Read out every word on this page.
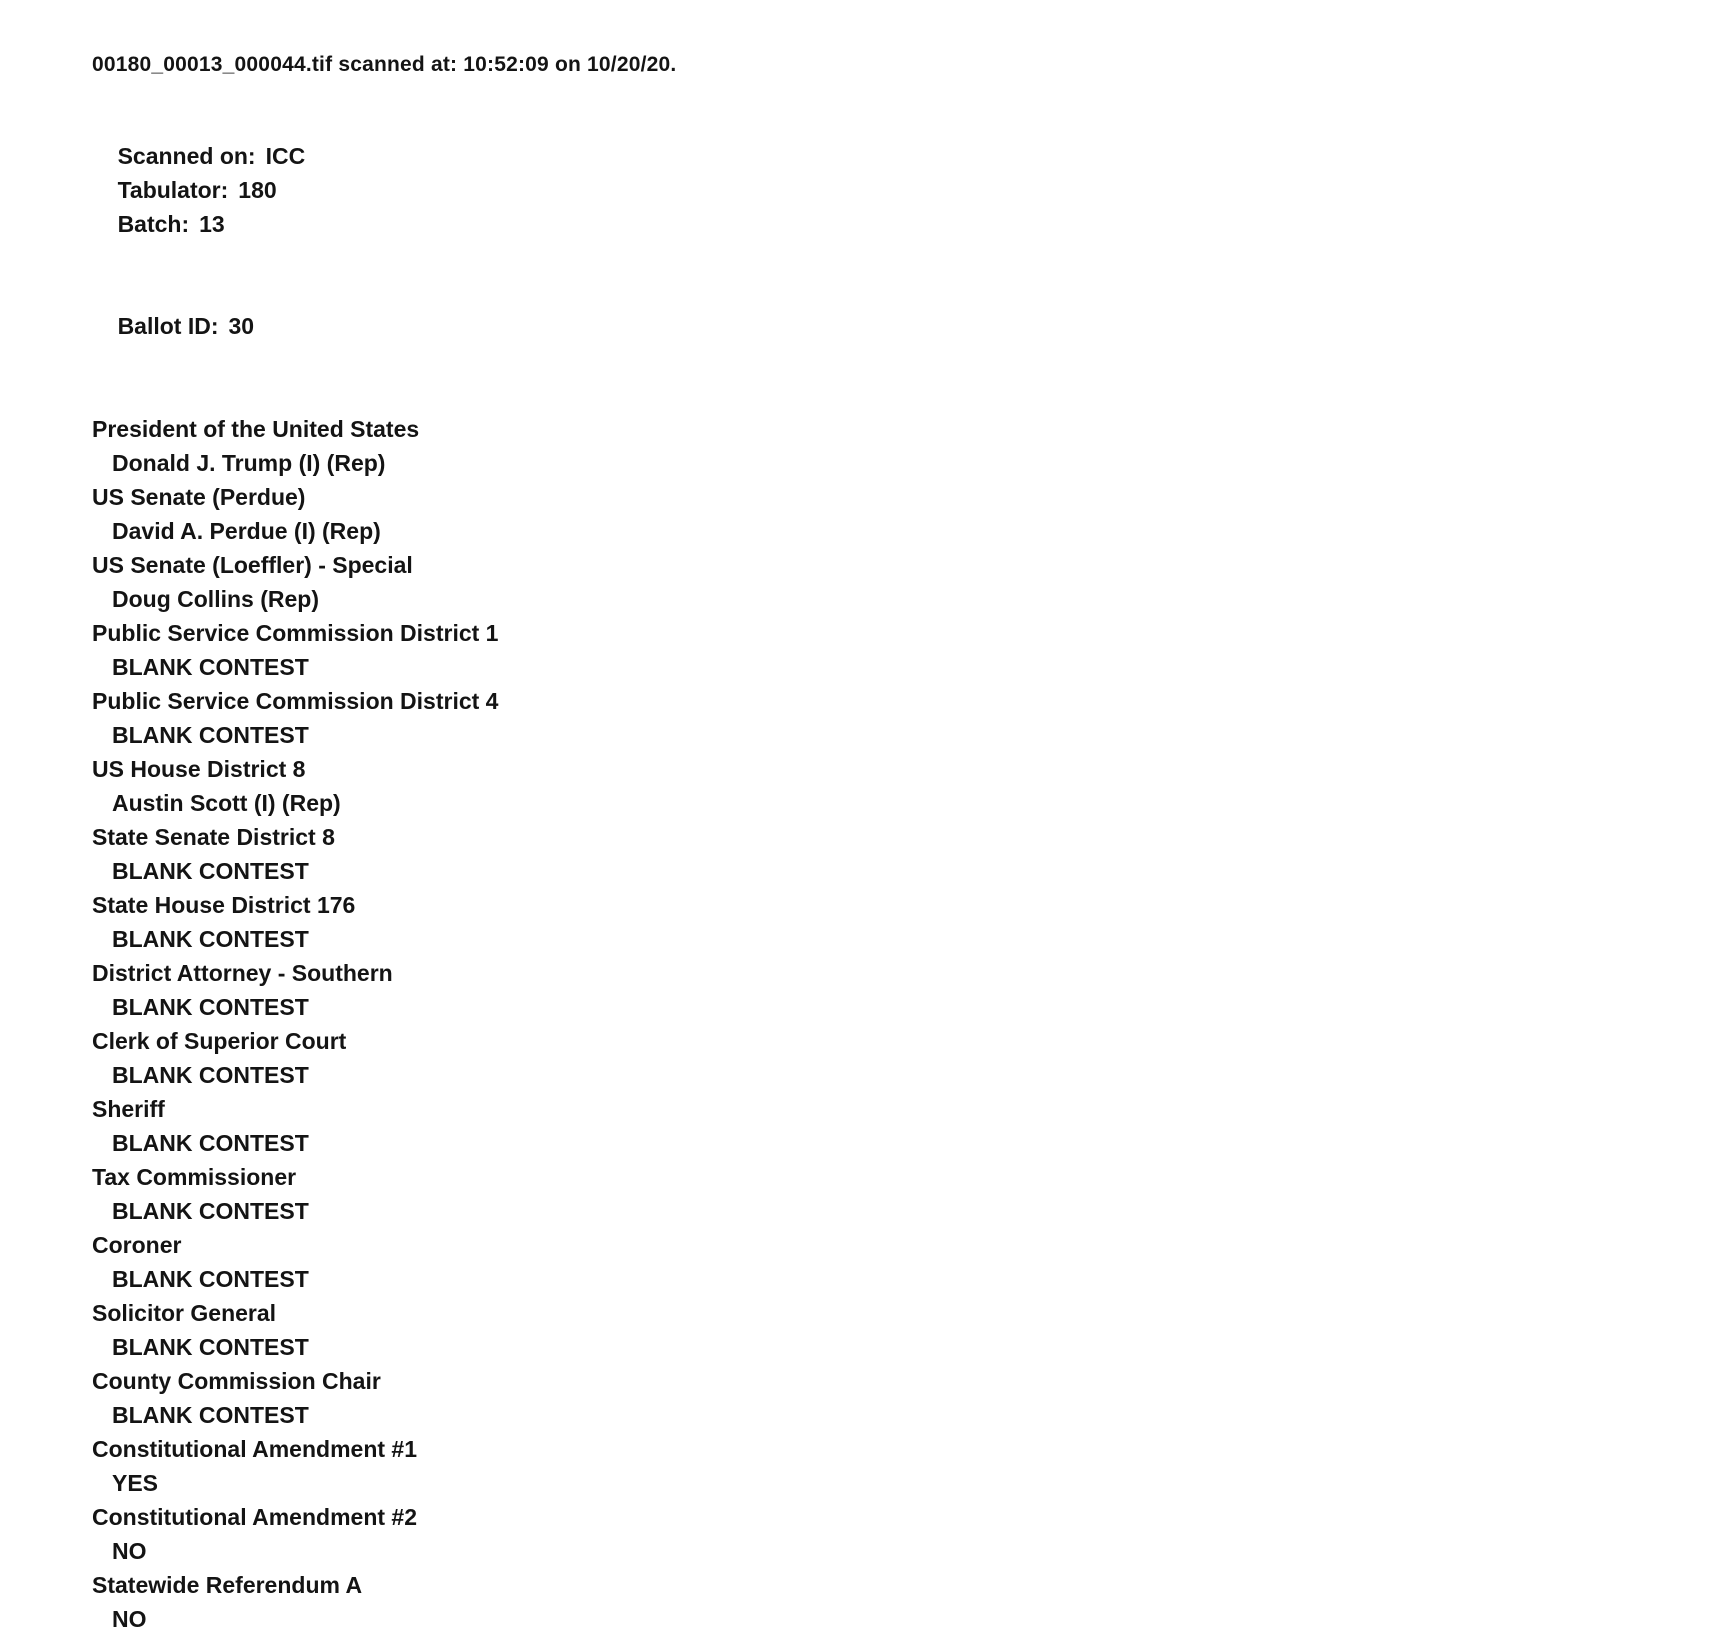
00180_00013_000044.tif scanned at: 10:52:09 on 10/20/20.

Scanned on: ICC
Tabulator: 180
Batch: 13

Ballot ID: 30

President of the United States
Donald J. Trump (I) (Rep)
US Senate (Perdue)
David A. Perdue (I) (Rep)
US Senate (Loeffler) - Special
Doug Collins (Rep)
Public Service Commission District 1
BLANK CONTEST
Public Service Commission District 4
BLANK CONTEST
US House District 8
Austin Scott (I) (Rep)
State Senate District 8
BLANK CONTEST
State House District 176
BLANK CONTEST
District Attorney - Southern
BLANK CONTEST
Clerk of Superior Court
BLANK CONTEST
Sheriff
BLANK CONTEST
Tax Commissioner
BLANK CONTEST
Coroner
BLANK CONTEST
Solicitor General
BLANK CONTEST
County Commission Chair
BLANK CONTEST
Constitutional Amendment #1
YES
Constitutional Amendment #2
NO
Statewide Referendum A
NO
